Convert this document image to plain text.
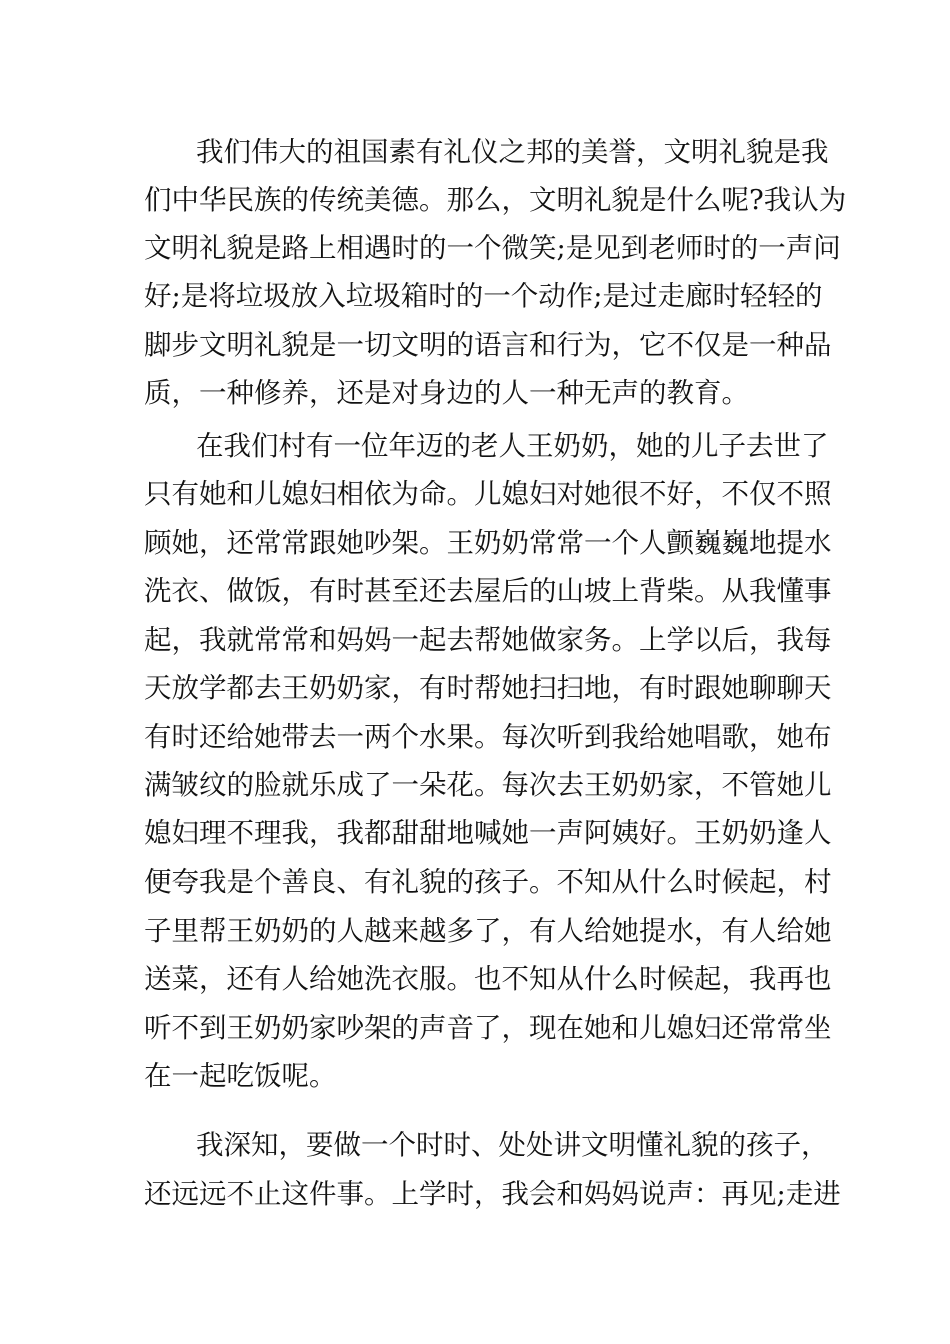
我们伟大的祖国素有礼仪之邦的美誉，文明礼貌是我
们中华民族的传统美德。那么，文明礼貌是什么呢?我认为
文明礼貌是路上相遇时的一个微笑;是见到老师时的一声问
好;是将垃圾放入垃圾箱时的一个动作;是过走廊时轻轻的
脚步文明礼貌是一切文明的语言和行为，它不仅是一种品
质，一种修养，还是对身边的人一种无声的教育。
在我们村有一位年迈的老人王奶奶，她的儿子去世了
只有她和儿媳妇相依为命。儿媳妇对她很不好，不仅不照
顾她，还常常跟她吵架。王奶奶常常一个人颤巍巍地提水
洗衣、做饭，有时甚至还去屋后的山坡上背柴。从我懂事
起，我就常常和妈妈一起去帮她做家务。上学以后，我每
天放学都去王奶奶家，有时帮她扫扫地，有时跟她聊聊天
有时还给她带去一两个水果。每次听到我给她唱歌，她布
满皱纹的脸就乐成了一朵花。每次去王奶奶家，不管她儿
媳妇理不理我，我都甜甜地喊她一声阿姨好。王奶奶逢人
便夸我是个善良、有礼貌的孩子。不知从什么时候起，村
子里帮王奶奶的人越来越多了，有人给她提水，有人给她
送菜，还有人给她洗衣服。也不知从什么时候起，我再也
听不到王奶奶家吵架的声音了，现在她和儿媳妇还常常坐
在一起吃饭呢。
我深知，要做一个时时、处处讲文明懂礼貌的孩子，
还远远不止这件事。上学时，我会和妈妈说声：再见;走进
